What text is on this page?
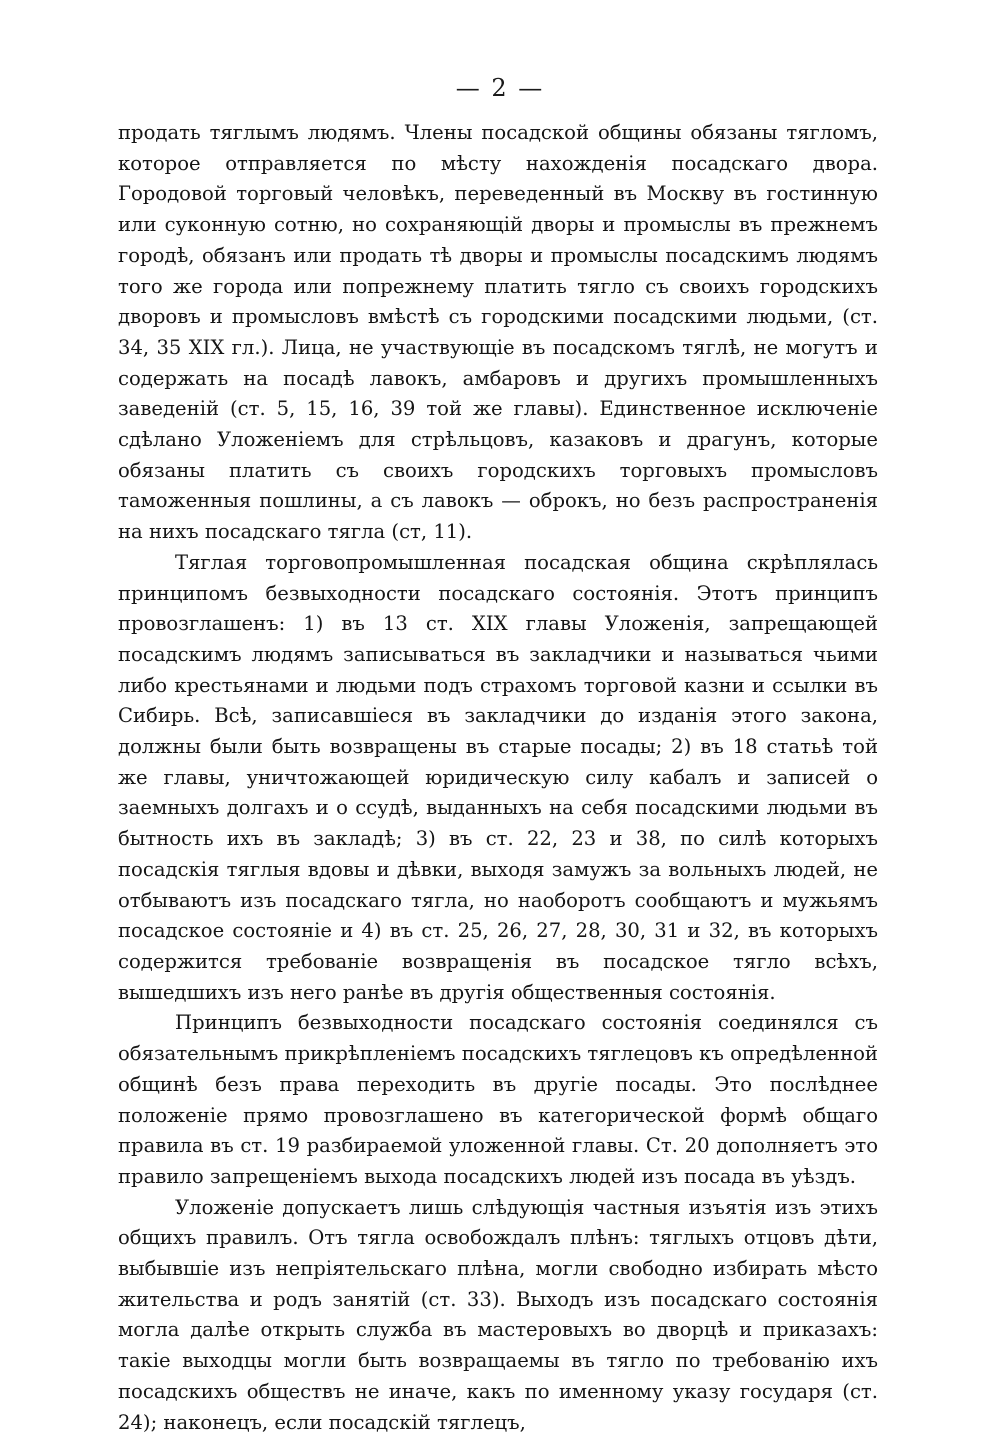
— 2 —

продать тяглымъ людямъ. Члены посадской общины обязаны тягломъ, которое отправляется по мѣсту нахожденія посадскаго двора. Городовой торговый человѣкъ, переведенный въ Москву въ гостинную или суконную сотню, но сохраняющій дворы и промыслы въ прежнемъ городѣ, обязанъ или продать тѣ дворы и промыслы посадскимъ людямъ того же города или попрежнему платить тягло съ своихъ городскихъ дворовъ и промысловъ вмѣстѣ съ городскими посадскими людьми, (ст. 34, 35 XIX гл.). Лица, не участвующіе въ посадскомъ тяглѣ, не могутъ и содержать на посадѣ лавокъ, амбаровъ и другихъ промышленныхъ заведеній (ст. 5, 15, 16, 39 той же главы). Единственное исключеніе сдѣлано Уложеніемъ для стрѣльцовъ, казаковъ и драгунъ, которые обязаны платить съ своихъ городскихъ торговыхъ промысловъ таможенныя пошлины, а съ лавокъ — оброкъ, но безъ распространенія на нихъ посадскаго тягла (ст, 11).

Тяглая торговопромышленная посадская община скрѣплялась принципомъ безвыходности посадскаго состоянія. Этотъ принципъ провозглашенъ: 1) въ 13 ст. XIX главы Уложенія, запрещающей посадскимъ людямъ записываться въ закладчики и называться чьими либо крестьянами и людьми подъ страхомъ торговой казни и ссылки въ Сибирь. Всѣ, записавшіеся въ закладчики до изданія этого закона, должны были быть возвращены въ старые посады; 2) въ 18 статьѣ той же главы, уничтожающей юридическую силу кабалъ и записей о заемныхъ долгахъ и о ссудѣ, выданныхъ на себя посадскими людьми въ бытность ихъ въ закладѣ; 3) въ ст. 22, 23 и 38, по силѣ которыхъ посадскія тяглыя вдовы и дѣвки, выходя замужъ за вольныхъ людей, не отбываютъ изъ посадскаго тягла, но наоборотъ сообщаютъ и мужьямъ посадское состояніе и 4) въ ст. 25, 26, 27, 28, 30, 31 и 32, въ которыхъ содержится требованіе возвращенія въ посадское тягло всѣхъ, вышедшихъ изъ него ранѣе въ другія общественныя состоянія.

Принципъ безвыходности посадскаго состоянія соединялся съ обязательнымъ прикрѣпленіемъ посадскихъ тяглецовъ къ опредѣленной общинѣ безъ права переходить въ другіе посады. Это послѣднее положеніе прямо провозглашено въ категорической формѣ общаго правила въ ст. 19 разбираемой уложенной главы. Ст. 20 дополняетъ это правило запрещеніемъ выхода посадскихъ людей изъ посада въ уѣздъ.

Уложеніе допускаетъ лишь слѣдующія частныя изъятія изъ этихъ общихъ правилъ. Отъ тягла освобождалъ плѣнъ: тяглыхъ отцовъ дѣти, выбывшіе изъ непріятельскаго плѣна, могли свободно избирать мѣсто жительства и родъ занятій (ст. 33). Выходъ изъ посадскаго состоянія могла далѣе открыть служба въ мастеровыхъ во дворцѣ и приказахъ: такіе выходцы могли быть возвращаемы въ тягло по требованію ихъ посадскихъ обществъ не иначе, какъ по именному указу государя (ст. 24); наконецъ, если посадскій тяглецъ,
